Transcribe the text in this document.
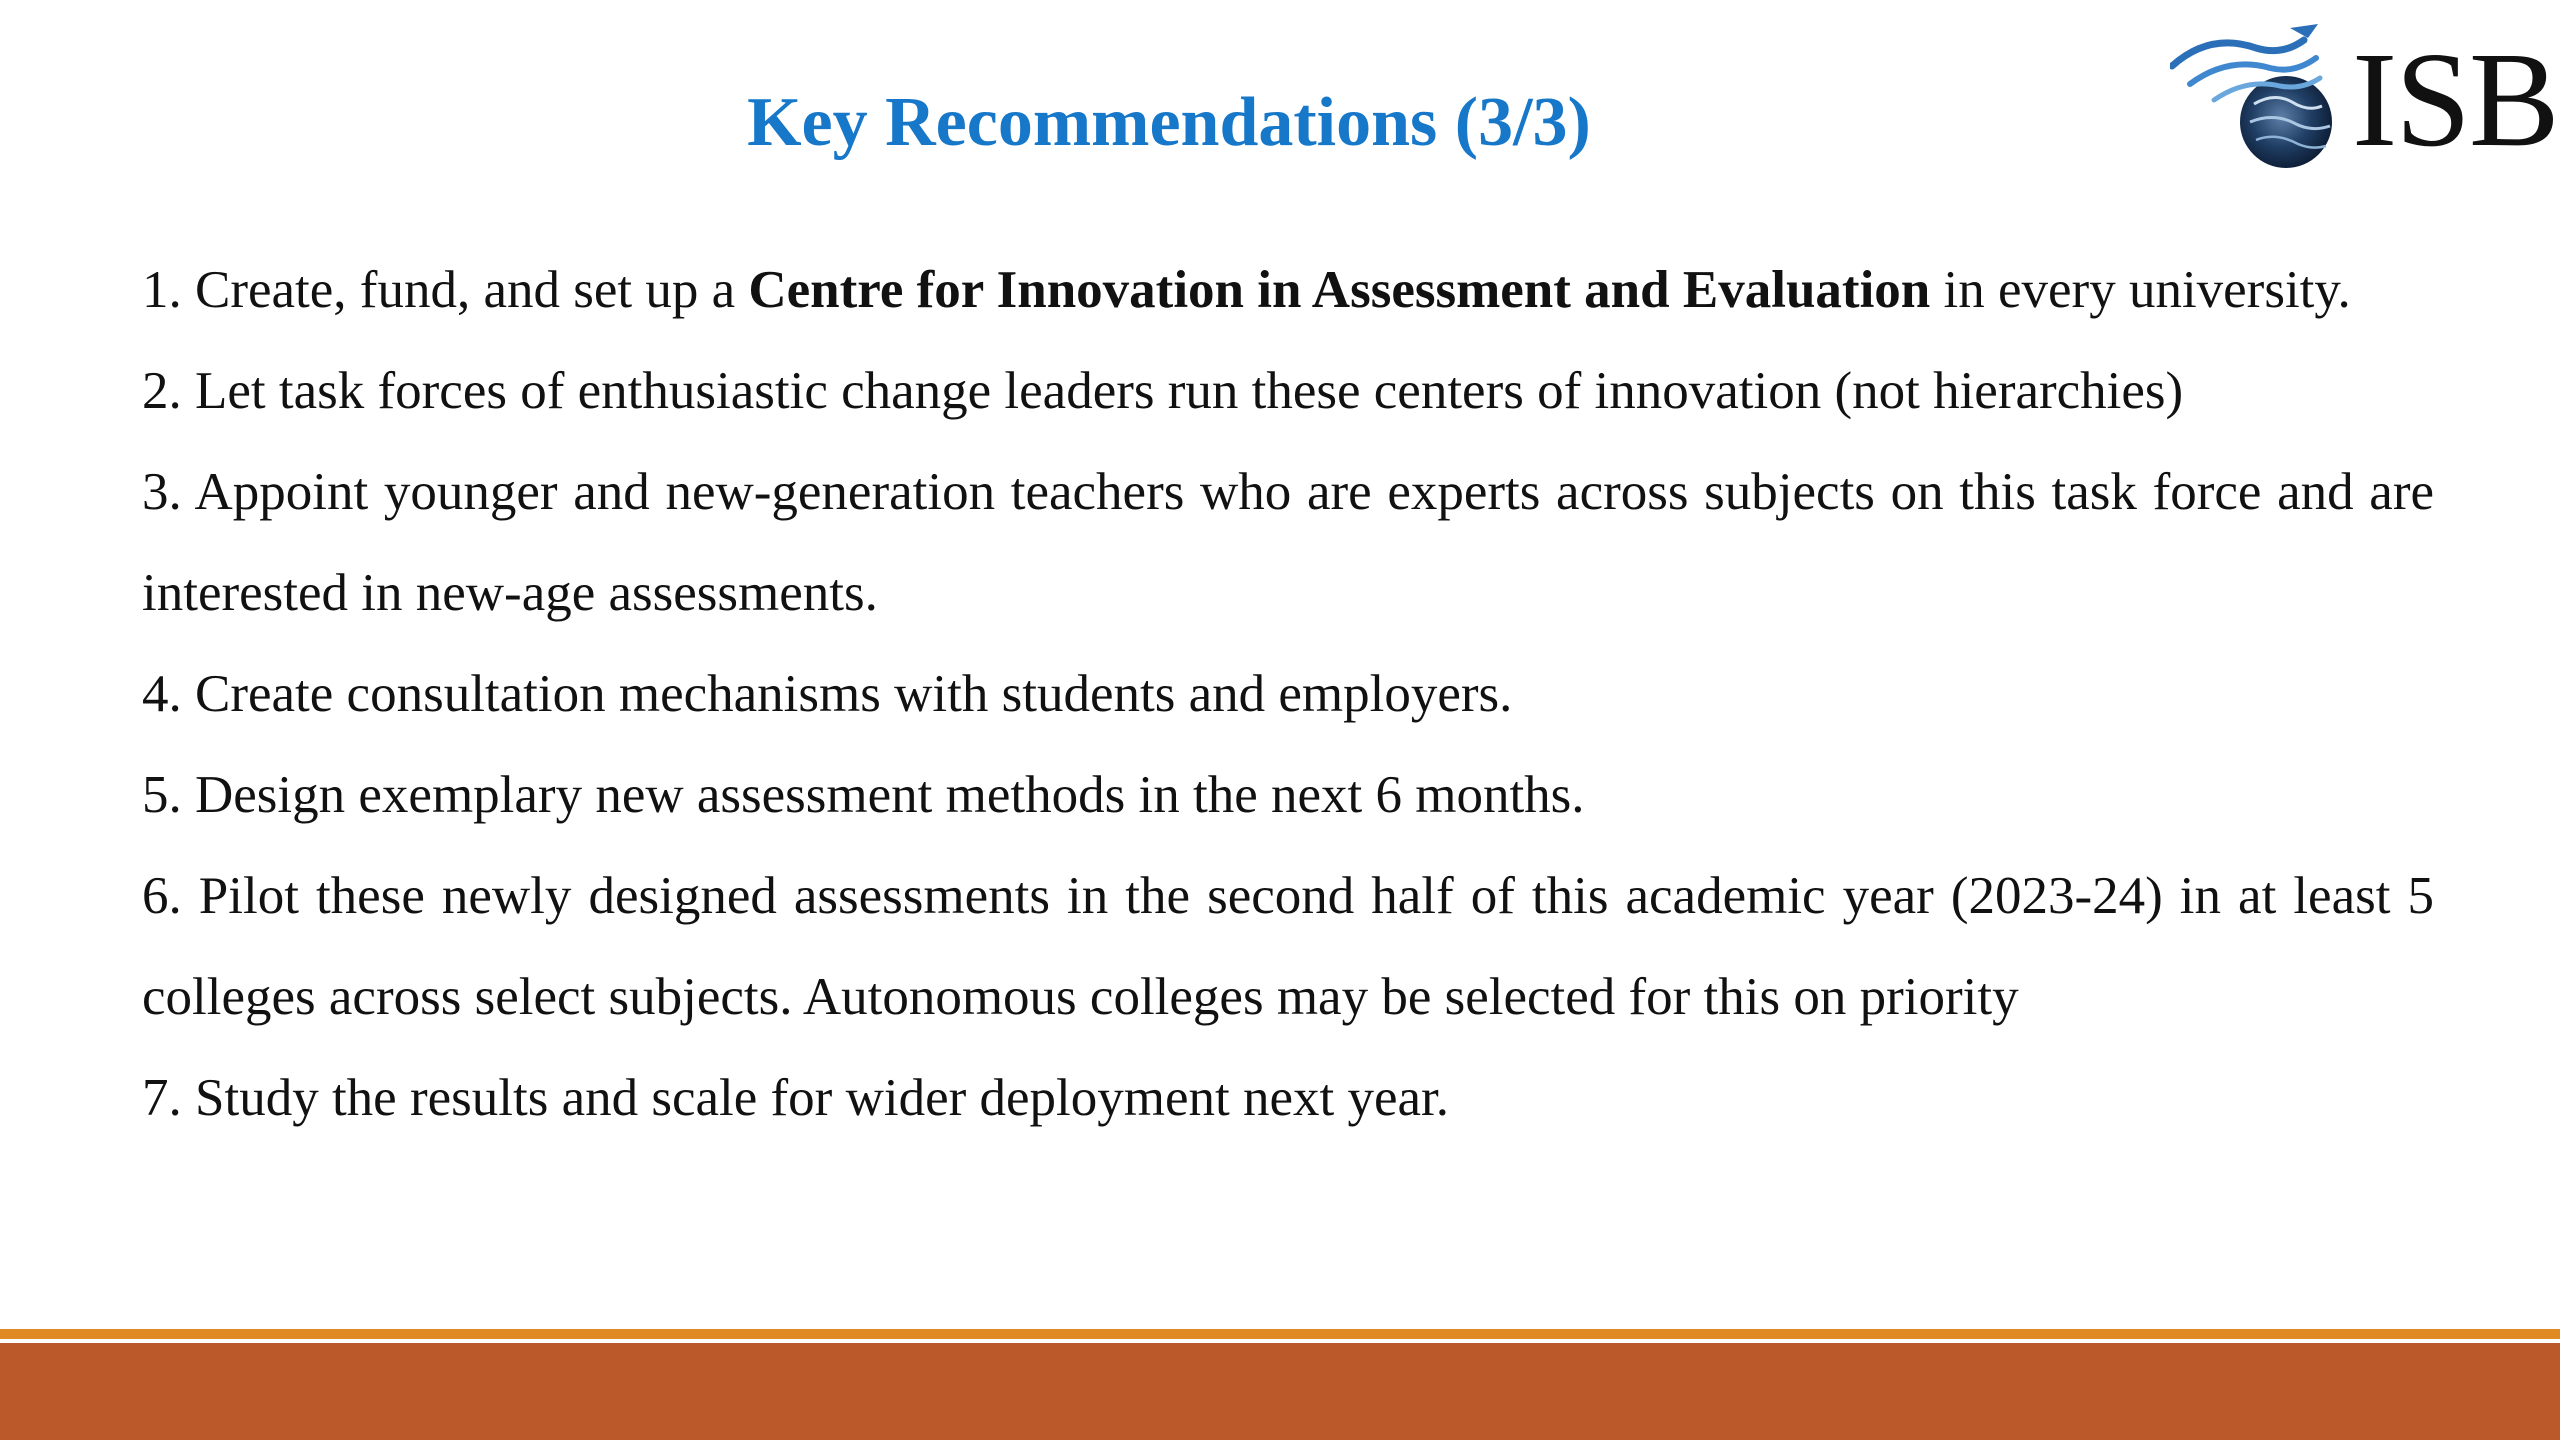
Key Recommendations (3/3)	ISB

1. Create, fund, and set up a Centre for Innovation in Assessment and Evaluation in every university.

2. Let task forces of enthusiastic change leaders run these centers of innovation (not hierarchies)

3. Appoint younger and new-generation teachers who are experts across subjects on this task force and are interested in new-age assessments.

4. Create consultation mechanisms with students and employers.

5. Design exemplary new assessment methods in the next 6 months.

6. Pilot these newly designed assessments in the second half of this academic year (2023-24) in at least 5 colleges across select subjects. Autonomous colleges may be selected for this on priority

7. Study the results and scale for wider deployment next year.
